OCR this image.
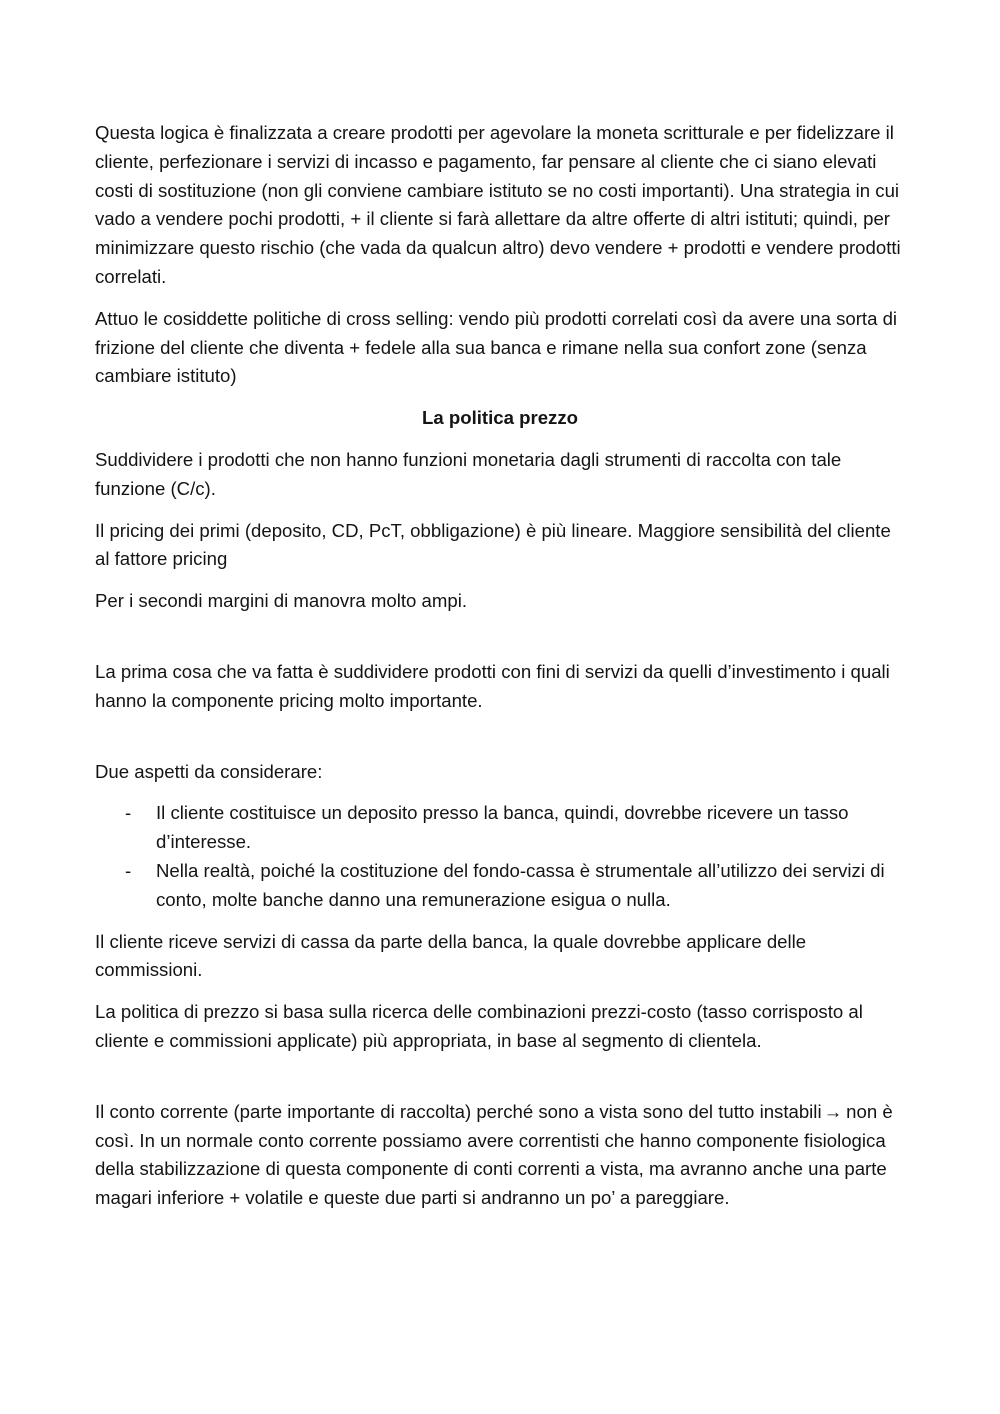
Questa logica è finalizzata a creare prodotti per agevolare la moneta scritturale e per fidelizzare il cliente, perfezionare i servizi di incasso e pagamento, far pensare al cliente che ci siano elevati costi di sostituzione (non gli conviene cambiare istituto se no costi importanti). Una strategia in cui vado a vendere pochi prodotti, + il cliente si farà allettare da altre offerte di altri istituti; quindi, per minimizzare questo rischio (che vada da qualcun altro) devo vendere + prodotti e vendere prodotti correlati.

Attuo le cosiddette politiche di cross selling: vendo più prodotti correlati così da avere una sorta di frizione del cliente che diventa + fedele alla sua banca e rimane nella sua confort zone (senza cambiare istituto)

La politica prezzo

Suddividere i prodotti che non hanno funzioni monetaria dagli strumenti di raccolta con tale funzione (C/c).

Il pricing dei primi (deposito, CD, PcT, obbligazione) è più lineare. Maggiore sensibilità del cliente al fattore pricing

Per i secondi margini di manovra molto ampi.

La prima cosa che va fatta è suddividere prodotti con fini di servizi da quelli d’investimento i quali hanno la componente pricing molto importante.

Due aspetti da considerare:

- Il cliente costituisce un deposito presso la banca, quindi, dovrebbe ricevere un tasso d’interesse.
- Nella realtà, poiché la costituzione del fondo-cassa è strumentale all’utilizzo dei servizi di conto, molte banche danno una remunerazione esigua o nulla.

Il cliente riceve servizi di cassa da parte della banca, la quale dovrebbe applicare delle commissioni.

La politica di prezzo si basa sulla ricerca delle combinazioni prezzi-costo (tasso corrisposto al cliente e commissioni applicate) più appropriata, in base al segmento di clientela.

Il conto corrente (parte importante di raccolta) perché sono a vista sono del tutto instabili → non è così. In un normale conto corrente possiamo avere correntisti che hanno componente fisiologica della stabilizzazione di questa componente di conti correnti a vista, ma avranno anche una parte magari inferiore + volatile e queste due parti si andranno un po’ a pareggiare.
